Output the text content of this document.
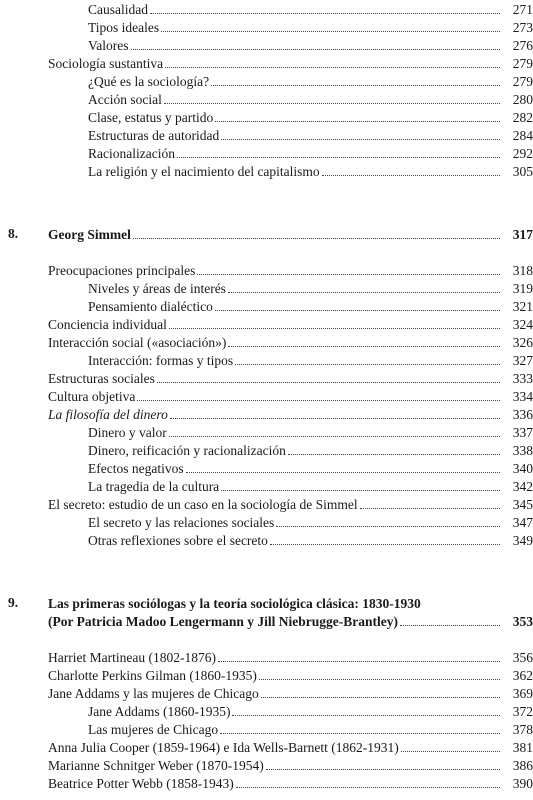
Causalidad	271
Tipos ideales	273
Valores	276
Sociología sustantiva	279
¿Qué es la sociología?	279
Acción social	280
Clase, estatus y partido	282
Estructuras de autoridad	284
Racionalización	292
La religión y el nacimiento del capitalismo	305
8. Georg Simmel	317
Preocupaciones principales	318
Niveles y áreas de interés	319
Pensamiento dialéctico	321
Conciencia individual	324
Interacción social («asociación»)	326
Interacción: formas y tipos	327
Estructuras sociales	333
Cultura objetiva	334
La filosofía del dinero	336
Dinero y valor	337
Dinero, reificación y racionalización	338
Efectos negativos	340
La tragedia de la cultura	342
El secreto: estudio de un caso en la sociología de Simmel	345
El secreto y las relaciones sociales	347
Otras reflexiones sobre el secreto	349
9. Las primeras sociólogas y la teoría sociológica clásica: 1830-1930
(Por Patricia Madoo Lengermann y Jill Niebrugge-Brantley)	353
Harriet Martineau (1802-1876)	356
Charlotte Perkins Gilman (1860-1935)	362
Jane Addams y las mujeres de Chicago	369
Jane Addams (1860-1935)	372
Las mujeres de Chicago	378
Anna Julia Cooper (1859-1964) e Ida Wells-Barnett (1862-1931)	381
Marianne Schnitger Weber (1870-1954)	386
Beatrice Potter Webb (1858-1943)	390
